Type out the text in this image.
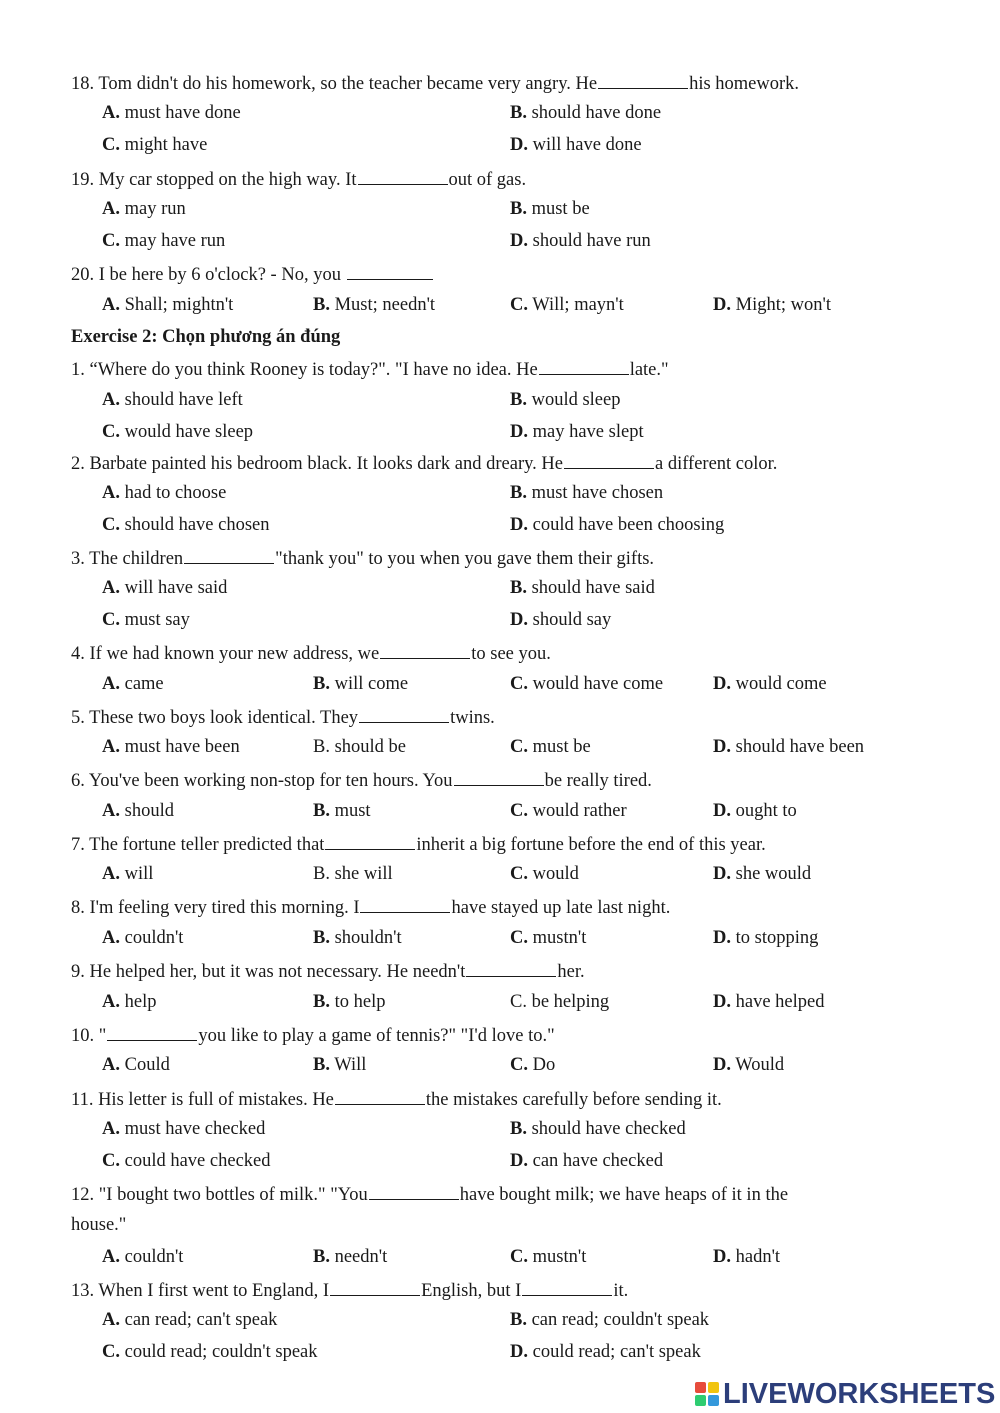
18. Tom didn't do his homework, so the teacher became very angry. He	his homework.
A. must have done	B. should have done
C. might have	D. will have done
19. My car stopped on the high way. It	out of gas.
A. may run	B. must be
C. may have run	D. should have run
20. I be here by 6 o'clock? - No, you
A. Shall; mightn't	B. Must; needn't	C. Will; mayn't	D. Might; won't
Exercise 2: Chọn phương án đúng
1. “Where do you think Rooney is today?". "I have no idea. He	late."
A. should have left	B. would sleep
C. would have sleep	D. may have slept
2. Barbate painted his bedroom black. It looks dark and dreary. He	a different color.
A. had to choose	B. must have chosen
C. should have chosen	D. could have been choosing
3. The children	"thank you" to you when you gave them their gifts.
A. will have said	B. should have said
C. must say	D. should say
4. If we had known your new address, we	to see you.
A. came	B. will come	C. would have come	D. would come
5. These two boys look identical. They	twins.
A. must have been	B. should be	C. must be	D. should have been
6. You've been working non-stop for ten hours. You	be really tired.
A. should	B. must	C. would rather	D. ought to
7. The fortune teller predicted that	inherit a big fortune before the end of this year.
A. will	B. she will	C. would	D. she would
8. I'm feeling very tired this morning. I	have stayed up late last night.
A. couldn't	B. shouldn't	C. mustn't	D. to stopping
9. He helped her, but it was not necessary. He needn't	her.
A. help	B. to help	C. be helping	D. have helped
10. "	you like to play a game of tennis?" "I'd love to."
A. Could	B. Will	C. Do	D. Would
11. His letter is full of mistakes. He	the mistakes carefully before sending it.
A. must have checked	B. should have checked
C. could have checked	D. can have checked
12. "I bought two bottles of milk." "You	have bought milk; we have heaps of it in the
house."
A. couldn't	B. needn't	C. mustn't	D. hadn't
13. When I first went to England, I	English, but I	it.
A. can read; can't speak	B. can read; couldn't speak
C. could read; couldn't speak	D. could read; can't speak
LIVEWORKSHEETS
